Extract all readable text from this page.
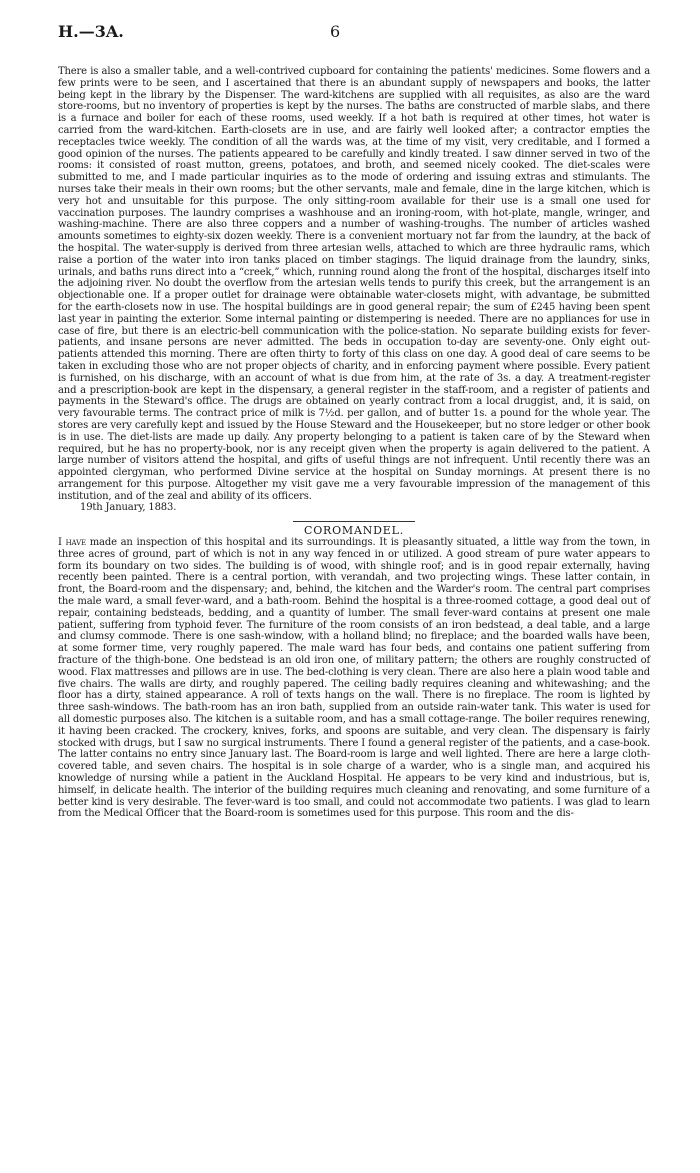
H.—3A.	6

There is also a smaller table, and a well-contrived cupboard for containing the patients' medicines. Some flowers and a few prints were to be seen, and I ascertained that there is an abundant supply of newspapers and books, the latter being kept in the library by the Dispenser. The ward-kitchens are supplied with all requisites, as also are the ward store-rooms, but no inventory of properties is kept by the nurses. The baths are constructed of marble slabs, and there is a furnace and boiler for each of these rooms, used weekly. If a hot bath is required at other times, hot water is carried from the ward-kitchen. Earth-closets are in use, and are fairly well looked after; a contractor empties the receptacles twice weekly. The condition of all the wards was, at the time of my visit, very creditable, and I formed a good opinion of the nurses. The patients appeared to be carefully and kindly treated. I saw dinner served in two of the rooms: it consisted of roast mutton, greens, potatoes, and broth, and seemed nicely cooked. The diet-scales were submitted to me, and I made particular inquiries as to the mode of ordering and issuing extras and stimulants. The nurses take their meals in their own rooms; but the other servants, male and female, dine in the large kitchen, which is very hot and unsuitable for this purpose. The only sitting-room available for their use is a small one used for vaccination purposes. The laundry comprises a washhouse and an ironing-room, with hot-plate, mangle, wringer, and washing-machine. There are also three coppers and a number of washing-troughs. The number of articles washed amounts sometimes to eighty-six dozen weekly. There is a convenient mortuary not far from the laundry, at the back of the hospital. The water-supply is derived from three artesian wells, attached to which are three hydraulic rams, which raise a portion of the water into iron tanks placed on timber stagings. The liquid drainage from the laundry, sinks, urinals, and baths runs direct into a “creek,” which, running round along the front of the hospital, discharges itself into the adjoining river. No doubt the overflow from the artesian wells tends to purify this creek, but the arrangement is an objectionable one. If a proper outlet for drainage were obtainable water-closets might, with advantage, be submitted for the earth-closets now in use. The hospital buildings are in good general repair; the sum of £245 having been spent last year in painting the exterior. Some internal painting or distempering is needed. There are no appliances for use in case of fire, but there is an electric-bell communication with the police-station. No separate building exists for fever-patients, and insane persons are never admitted. The beds in occupation to-day are seventy-one. Only eight out-patients attended this morning. There are often thirty to forty of this class on one day. A good deal of care seems to be taken in excluding those who are not proper objects of charity, and in enforcing payment where possible. Every patient is furnished, on his discharge, with an account of what is due from him, at the rate of 3s. a day. A treatment-register and a prescription-book are kept in the dispensary, a general register in the staff-room, and a register of patients and payments in the Steward's office. The drugs are obtained on yearly contract from a local druggist, and, it is said, on very favourable terms. The contract price of milk is 7½d. per gallon, and of butter 1s. a pound for the whole year. The stores are very carefully kept and issued by the House Steward and the Housekeeper, but no store ledger or other book is in use. The diet-lists are made up daily. Any property belonging to a patient is taken care of by the Steward when required, but he has no property-book, nor is any receipt given when the property is again delivered to the patient. A large number of visitors attend the hospital, and gifts of useful things are not infrequent. Until recently there was an appointed clergyman, who performed Divine service at the hospital on Sunday mornings. At present there is no arrangement for this purpose. Altogether my visit gave me a very favourable impression of the management of this institution, and of the zeal and ability of its officers.

19th January, 1883.

COROMANDEL.

I have made an inspection of this hospital and its surroundings. It is pleasantly situated, a little way from the town, in three acres of ground, part of which is not in any way fenced in or utilized. A good stream of pure water appears to form its boundary on two sides. The building is of wood, with shingle roof; and is in good repair externally, having recently been painted. There is a central portion, with verandah, and two projecting wings. These latter contain, in front, the Board-room and the dispensary; and, behind, the kitchen and the Warder's room. The central part comprises the male ward, a small fever-ward, and a bath-room. Behind the hospital is a three-roomed cottage, a good deal out of repair, containing bedsteads, bedding, and a quantity of lumber. The small fever-ward contains at present one male patient, suffering from typhoid fever. The furniture of the room consists of an iron bedstead, a deal table, and a large and clumsy commode. There is one sash-window, with a holland blind; no fireplace; and the boarded walls have been, at some former time, very roughly papered. The male ward has four beds, and contains one patient suffering from fracture of the thigh-bone. One bedstead is an old iron one, of military pattern; the others are roughly constructed of wood. Flax mattresses and pillows are in use. The bed-clothing is very clean. There are also here a plain wood table and five chairs. The walls are dirty, and roughly papered. The ceiling badly requires cleaning and whitewashing; and the floor has a dirty, stained appearance. A roll of texts hangs on the wall. There is no fireplace. The room is lighted by three sash-windows. The bath-room has an iron bath, supplied from an outside rain-water tank. This water is used for all domestic purposes also. The kitchen is a suitable room, and has a small cottage-range. The boiler requires renewing, it having been cracked. The crockery, knives, forks, and spoons are suitable, and very clean. The dispensary is fairly stocked with drugs, but I saw no surgical instruments. There I found a general register of the patients, and a case-book. The latter contains no entry since January last. The Board-room is large and well lighted. There are here a large cloth-covered table, and seven chairs. The hospital is in sole charge of a warder, who is a single man, and acquired his knowledge of nursing while a patient in the Auckland Hospital. He appears to be very kind and industrious, but is, himself, in delicate health. The interior of the building requires much cleaning and renovating, and some furniture of a better kind is very desirable. The fever-ward is too small, and could not accommodate two patients. I was glad to learn from the Medical Officer that the Board-room is sometimes used for this purpose. This room and the dis-
